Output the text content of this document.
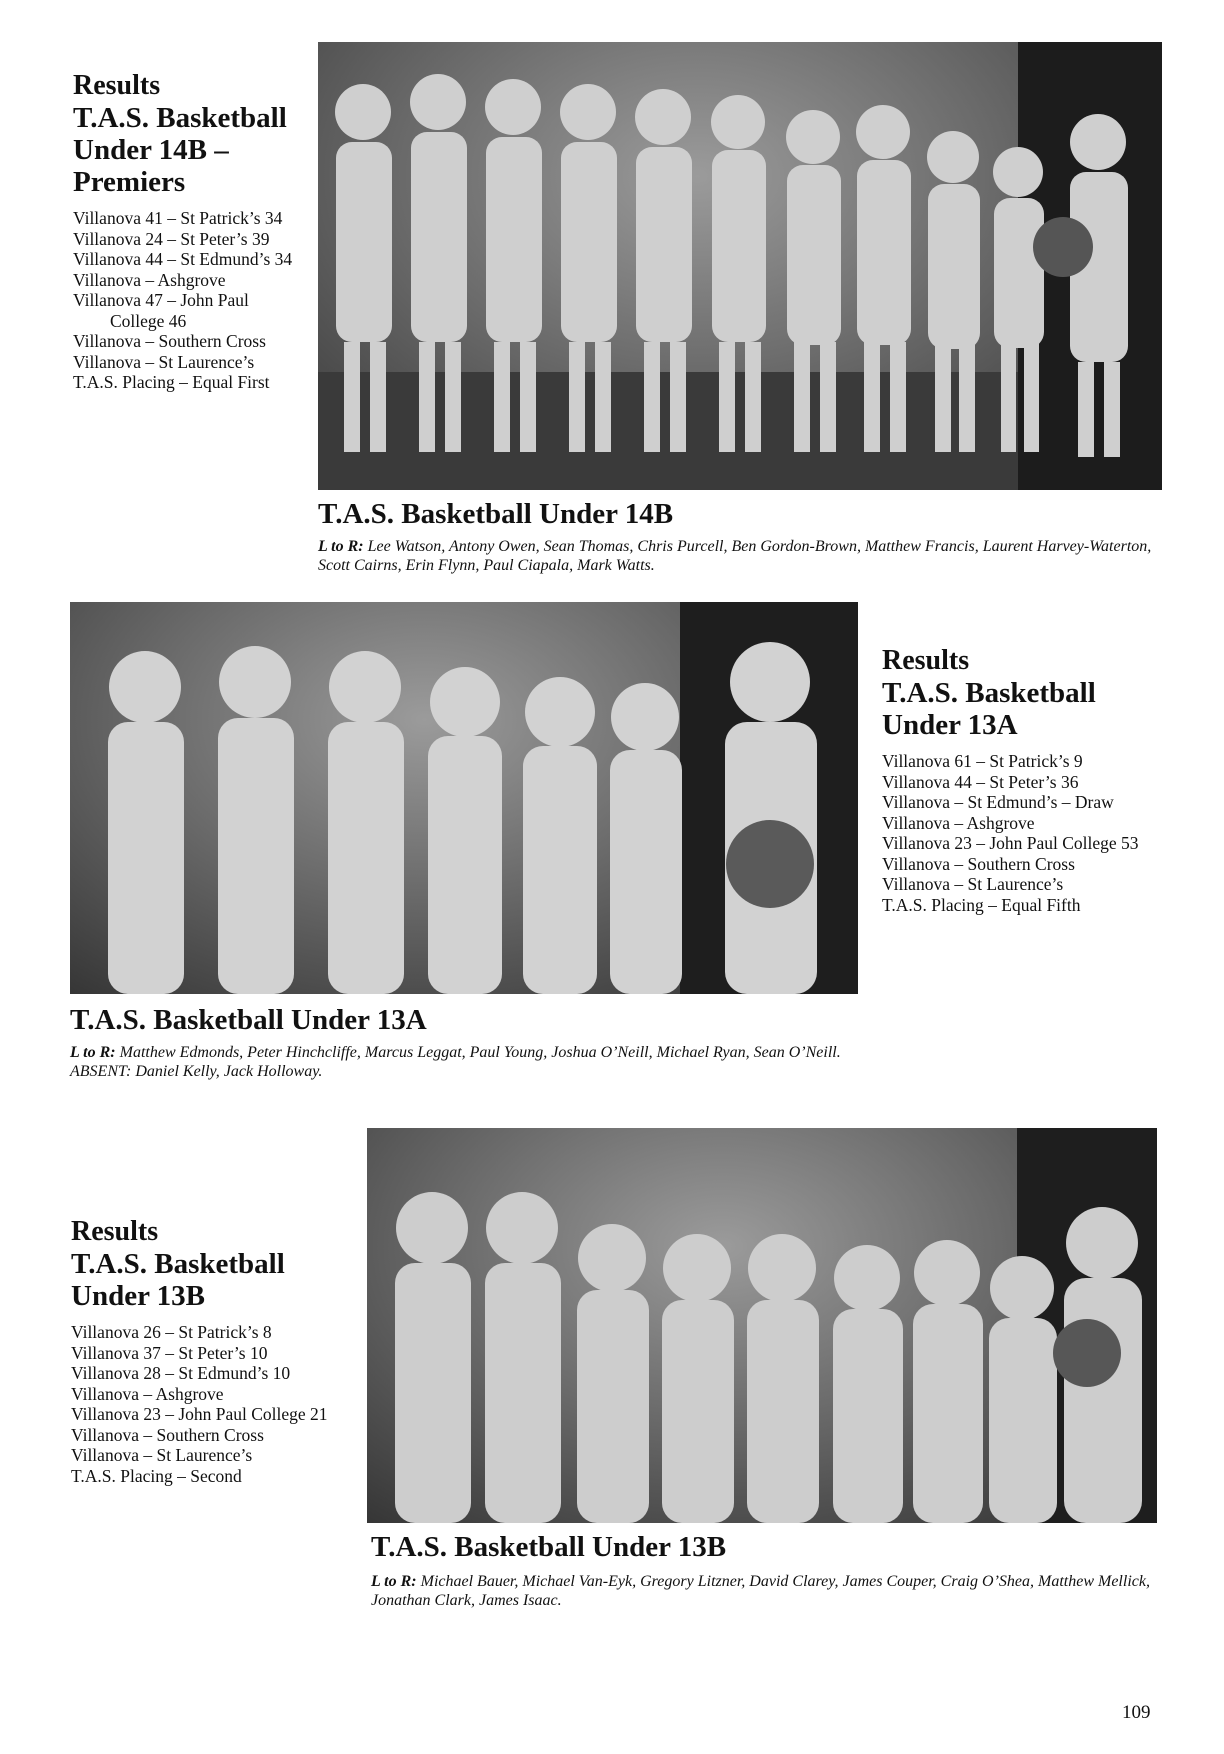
Results
T.A.S. Basketball Under 14B – Premiers
Villanova 41 – St Patrick’s 34
Villanova 24 – St Peter’s 39
Villanova 44 – St Edmund’s 34
Villanova – Ashgrove
Villanova 47 – John Paul College 46
Villanova – Southern Cross
Villanova – St Laurence’s
T.A.S. Placing – Equal First
T.A.S. Basketball Under 14B

L to R: Lee Watson, Antony Owen, Sean Thomas, Chris Purcell, Ben Gordon-Brown, Matthew Francis, Laurent Harvey-Waterton, Scott Cairns, Erin Flynn, Paul Ciapala, Mark Watts.

Results
T.A.S. Basketball Under 13A
Villanova 61 – St Patrick’s 9
Villanova 44 – St Peter’s 36
Villanova – St Edmund’s – Draw
Villanova – Ashgrove
Villanova 23 – John Paul College 53
Villanova – Southern Cross
Villanova – St Laurence’s
T.A.S. Placing – Equal Fifth
T.A.S. Basketball Under 13A

L to R: Matthew Edmonds, Peter Hinchcliffe, Marcus Leggat, Paul Young, Joshua O’Neill, Michael Ryan, Sean O’Neill.
ABSENT: Daniel Kelly, Jack Holloway.

Results
T.A.S. Basketball Under 13B
Villanova 26 – St Patrick’s 8
Villanova 37 – St Peter’s 10
Villanova 28 – St Edmund’s 10
Villanova – Ashgrove
Villanova 23 – John Paul College 21
Villanova – Southern Cross
Villanova – St Laurence’s
T.A.S. Placing – Second
T.A.S. Basketball Under 13B

L to R: Michael Bauer, Michael Van-Eyk, Gregory Litzner, David Clarey, James Couper, Craig O’Shea, Matthew Mellick, Jonathan Clark, James Isaac.

109
